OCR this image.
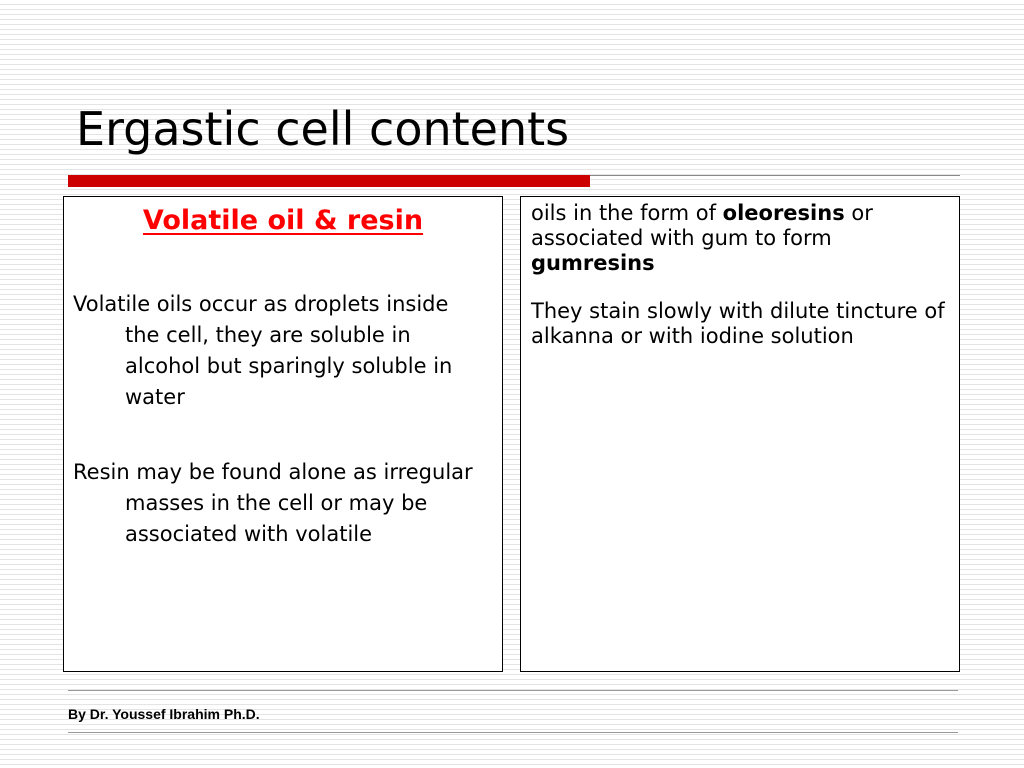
Ergastic cell contents
Volatile oil & resin

Volatile oils occur as droplets inside the cell, they are soluble in alcohol but sparingly soluble in water

Resin may be found alone as irregular masses in the cell or may be associated with volatile

oils in the form of oleoresins or associated with gum to form gumresins

They stain slowly with dilute tincture of alkanna or with iodine solution

By Dr. Youssef Ibrahim Ph.D.
